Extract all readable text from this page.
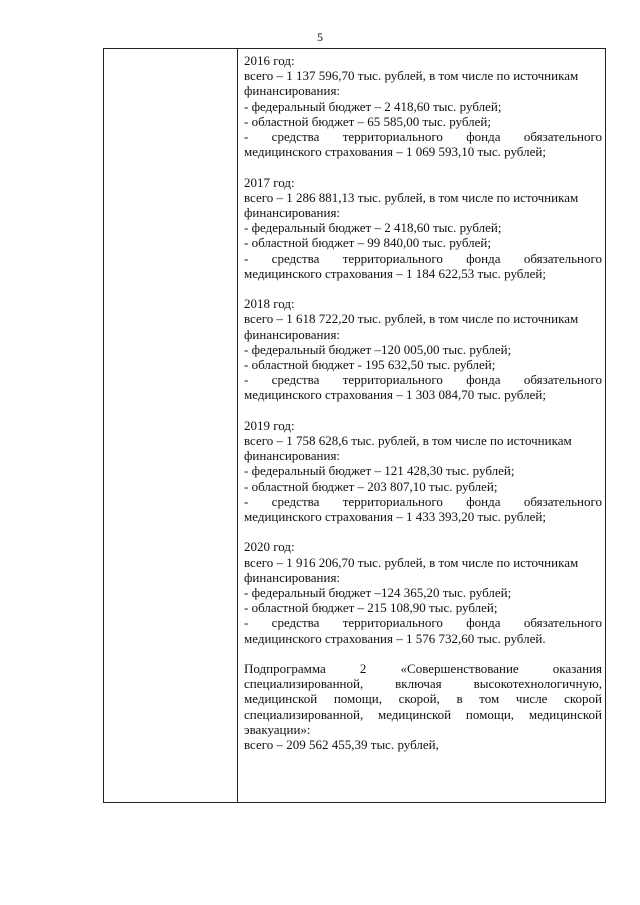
5
2016 год:
всего – 1 137 596,70 тыс. рублей, в том числе по источникам
финансирования:
- федеральный бюджет – 2 418,60 тыс. рублей;
- областной бюджет – 65 585,00 тыс. рублей;
- средства территориального фонда обязательного
медицинского страхования – 1 069 593,10 тыс. рублей;
2017 год:
всего – 1 286 881,13 тыс. рублей, в том числе по источникам
финансирования:
- федеральный бюджет – 2 418,60 тыс. рублей;
- областной бюджет – 99 840,00 тыс. рублей;
- средства территориального фонда обязательного
медицинского страхования – 1 184 622,53 тыс. рублей;
2018 год:
всего – 1 618 722,20 тыс. рублей, в том числе по источникам
финансирования:
- федеральный бюджет –120 005,00 тыс. рублей;
- областной бюджет - 195 632,50 тыс. рублей;
- средства территориального фонда обязательного
медицинского страхования – 1 303 084,70 тыс. рублей;
2019 год:
всего – 1 758 628,6 тыс. рублей, в том числе по источникам
финансирования:
- федеральный бюджет – 121 428,30 тыс. рублей;
- областной бюджет – 203 807,10 тыс. рублей;
- средства территориального фонда обязательного
медицинского страхования – 1 433 393,20 тыс. рублей;
2020 год:
всего – 1 916 206,70 тыс. рублей, в том числе по источникам
финансирования:
- федеральный бюджет –124 365,20 тыс. рублей;
- областной бюджет – 215 108,90 тыс. рублей;
- средства территориального фонда обязательного
медицинского страхования – 1 576 732,60 тыс. рублей.
Подпрограмма 2 «Совершенствование оказания
специализированной, включая высокотехнологичную,
медицинской помощи, скорой, в том числе скорой
специализированной, медицинской помощи, медицинской
эвакуации»:
всего – 209 562 455,39 тыс. рублей,
